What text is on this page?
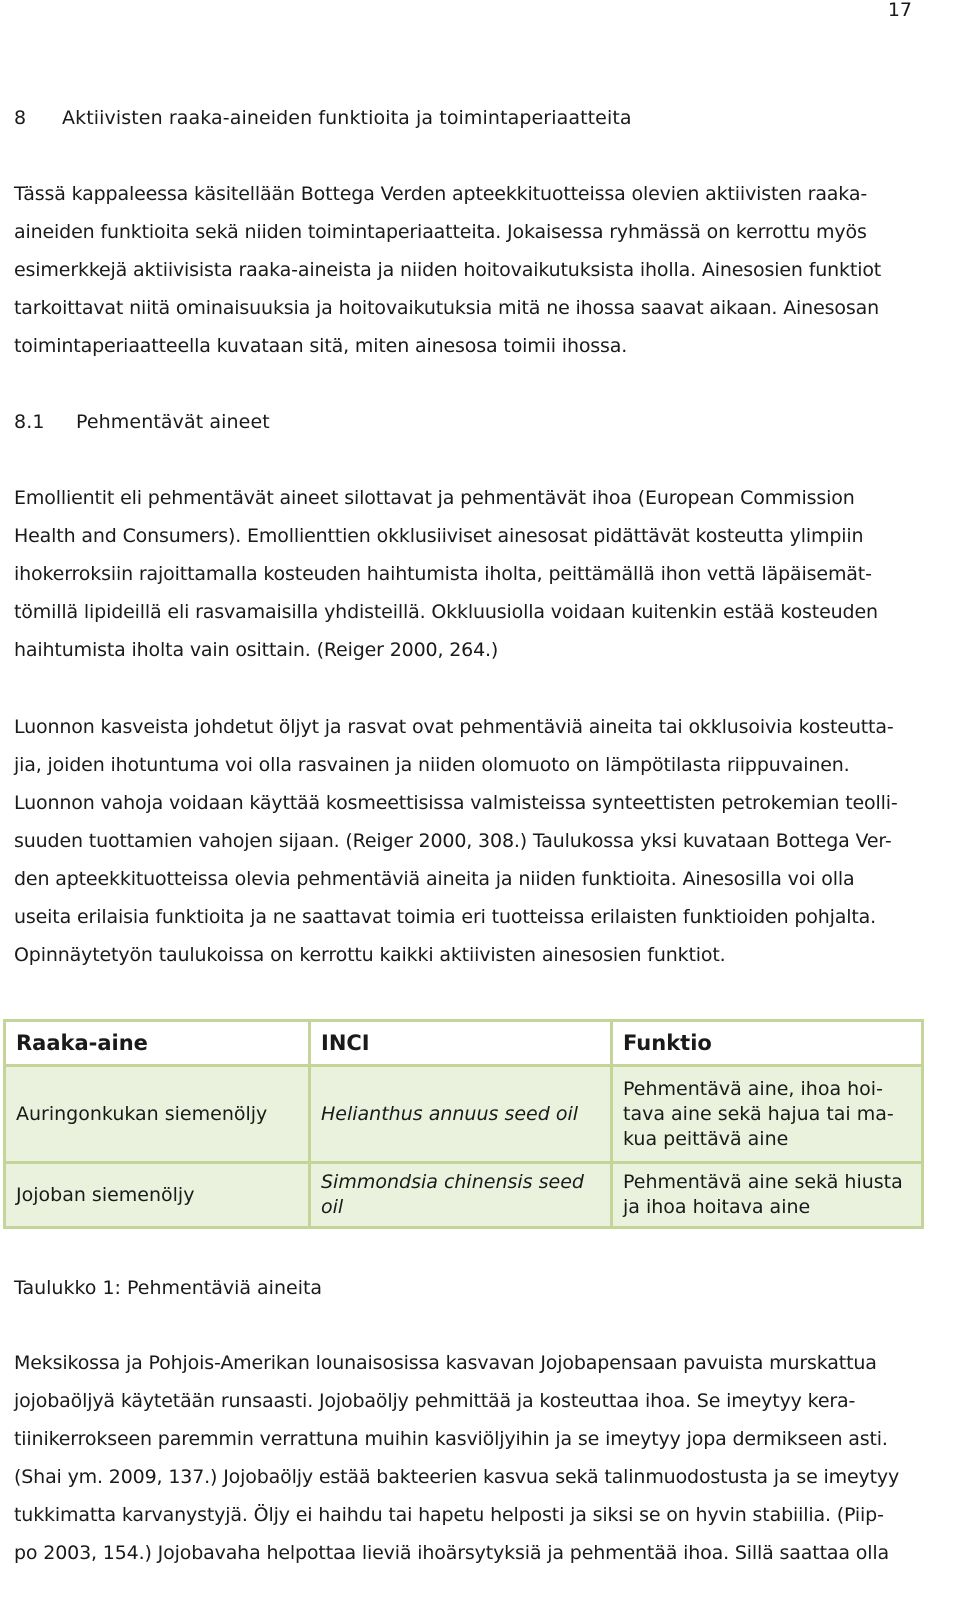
17
8 Aktiivisten raaka-aineiden funktioita ja toimintaperiaatteita
Tässä kappaleessa käsitellään Bottega Verden apteekkituotteissa olevien aktiivisten raaka-
aineiden funktioita sekä niiden toimintaperiaatteita. Jokaisessa ryhmässä on kerrottu myös
esimerkkejä aktiivisista raaka-aineista ja niiden hoitovaikutuksista iholla. Ainesosien funktiot
tarkoittavat niitä ominaisuuksia ja hoitovaikutuksia mitä ne ihossa saavat aikaan. Ainesosan
toimintaperiaatteella kuvataan sitä, miten ainesosa toimii ihossa.
8.1 Pehmentävät aineet
Emollientit eli pehmentävät aineet silottavat ja pehmentävät ihoa (European Commission
Health and Consumers). Emollienttien okklusiiviset ainesosat pidättävät kosteutta ylimpiin
ihokerroksiin rajoittamalla kosteuden haihtumista iholta, peittämällä ihon vettä läpäisemät-
tömillä lipideillä eli rasvamaisilla yhdisteillä. Okkluusiolla voidaan kuitenkin estää kosteuden
haihtumista iholta vain osittain. (Reiger 2000, 264.)
Luonnon kasveista johdetut öljyt ja rasvat ovat pehmentäviä aineita tai okklusoivia kosteutta-
jia, joiden ihotuntuma voi olla rasvainen ja niiden olomuoto on lämpötilasta riippuvainen.
Luonnon vahoja voidaan käyttää kosmeettisissa valmisteissa synteettisten petrokemian teolli-
suuden tuottamien vahojen sijaan. (Reiger 2000, 308.) Taulukossa yksi kuvataan Bottega Ver-
den apteekkituotteissa olevia pehmentäviä aineita ja niiden funktioita. Ainesosilla voi olla
useita erilaisia funktioita ja ne saattavat toimia eri tuotteissa erilaisten funktioiden pohjalta.
Opinnäytetyön taulukoissa on kerrottu kaikki aktiivisten ainesosien funktiot.
Raaka-aine	INCI	Funktio
Auringonkukan siemenöljy	Helianthus annuus seed oil	Pehmentävä aine, ihoa hoi-
tava aine sekä hajua tai ma-
kua peittävä aine

Jojoban siemenöljy	Simmondsia chinensis seed
oil	Pehmentävä aine sekä hiusta
ja ihoa hoitava aine
Taulukko 1: Pehmentäviä aineita
Meksikossa ja Pohjois-Amerikan lounaisosissa kasvavan Jojobapensaan pavuista murskattua
jojobaöljyä käytetään runsaasti. Jojobaöljy pehmittää ja kosteuttaa ihoa. Se imeytyy kera-
tiinikerrokseen paremmin verrattuna muihin kasviöljyihin ja se imeytyy jopa dermikseen asti.
(Shai ym. 2009, 137.) Jojobaöljy estää bakteerien kasvua sekä talinmuodostusta ja se imeytyy
tukkimatta karvanystyjä. Öljy ei haihdu tai hapetu helposti ja siksi se on hyvin stabiilia. (Piip-
po 2003, 154.) Jojobavaha helpottaa lieviä ihoärsytyksiä ja pehmentää ihoa. Sillä saattaa olla
